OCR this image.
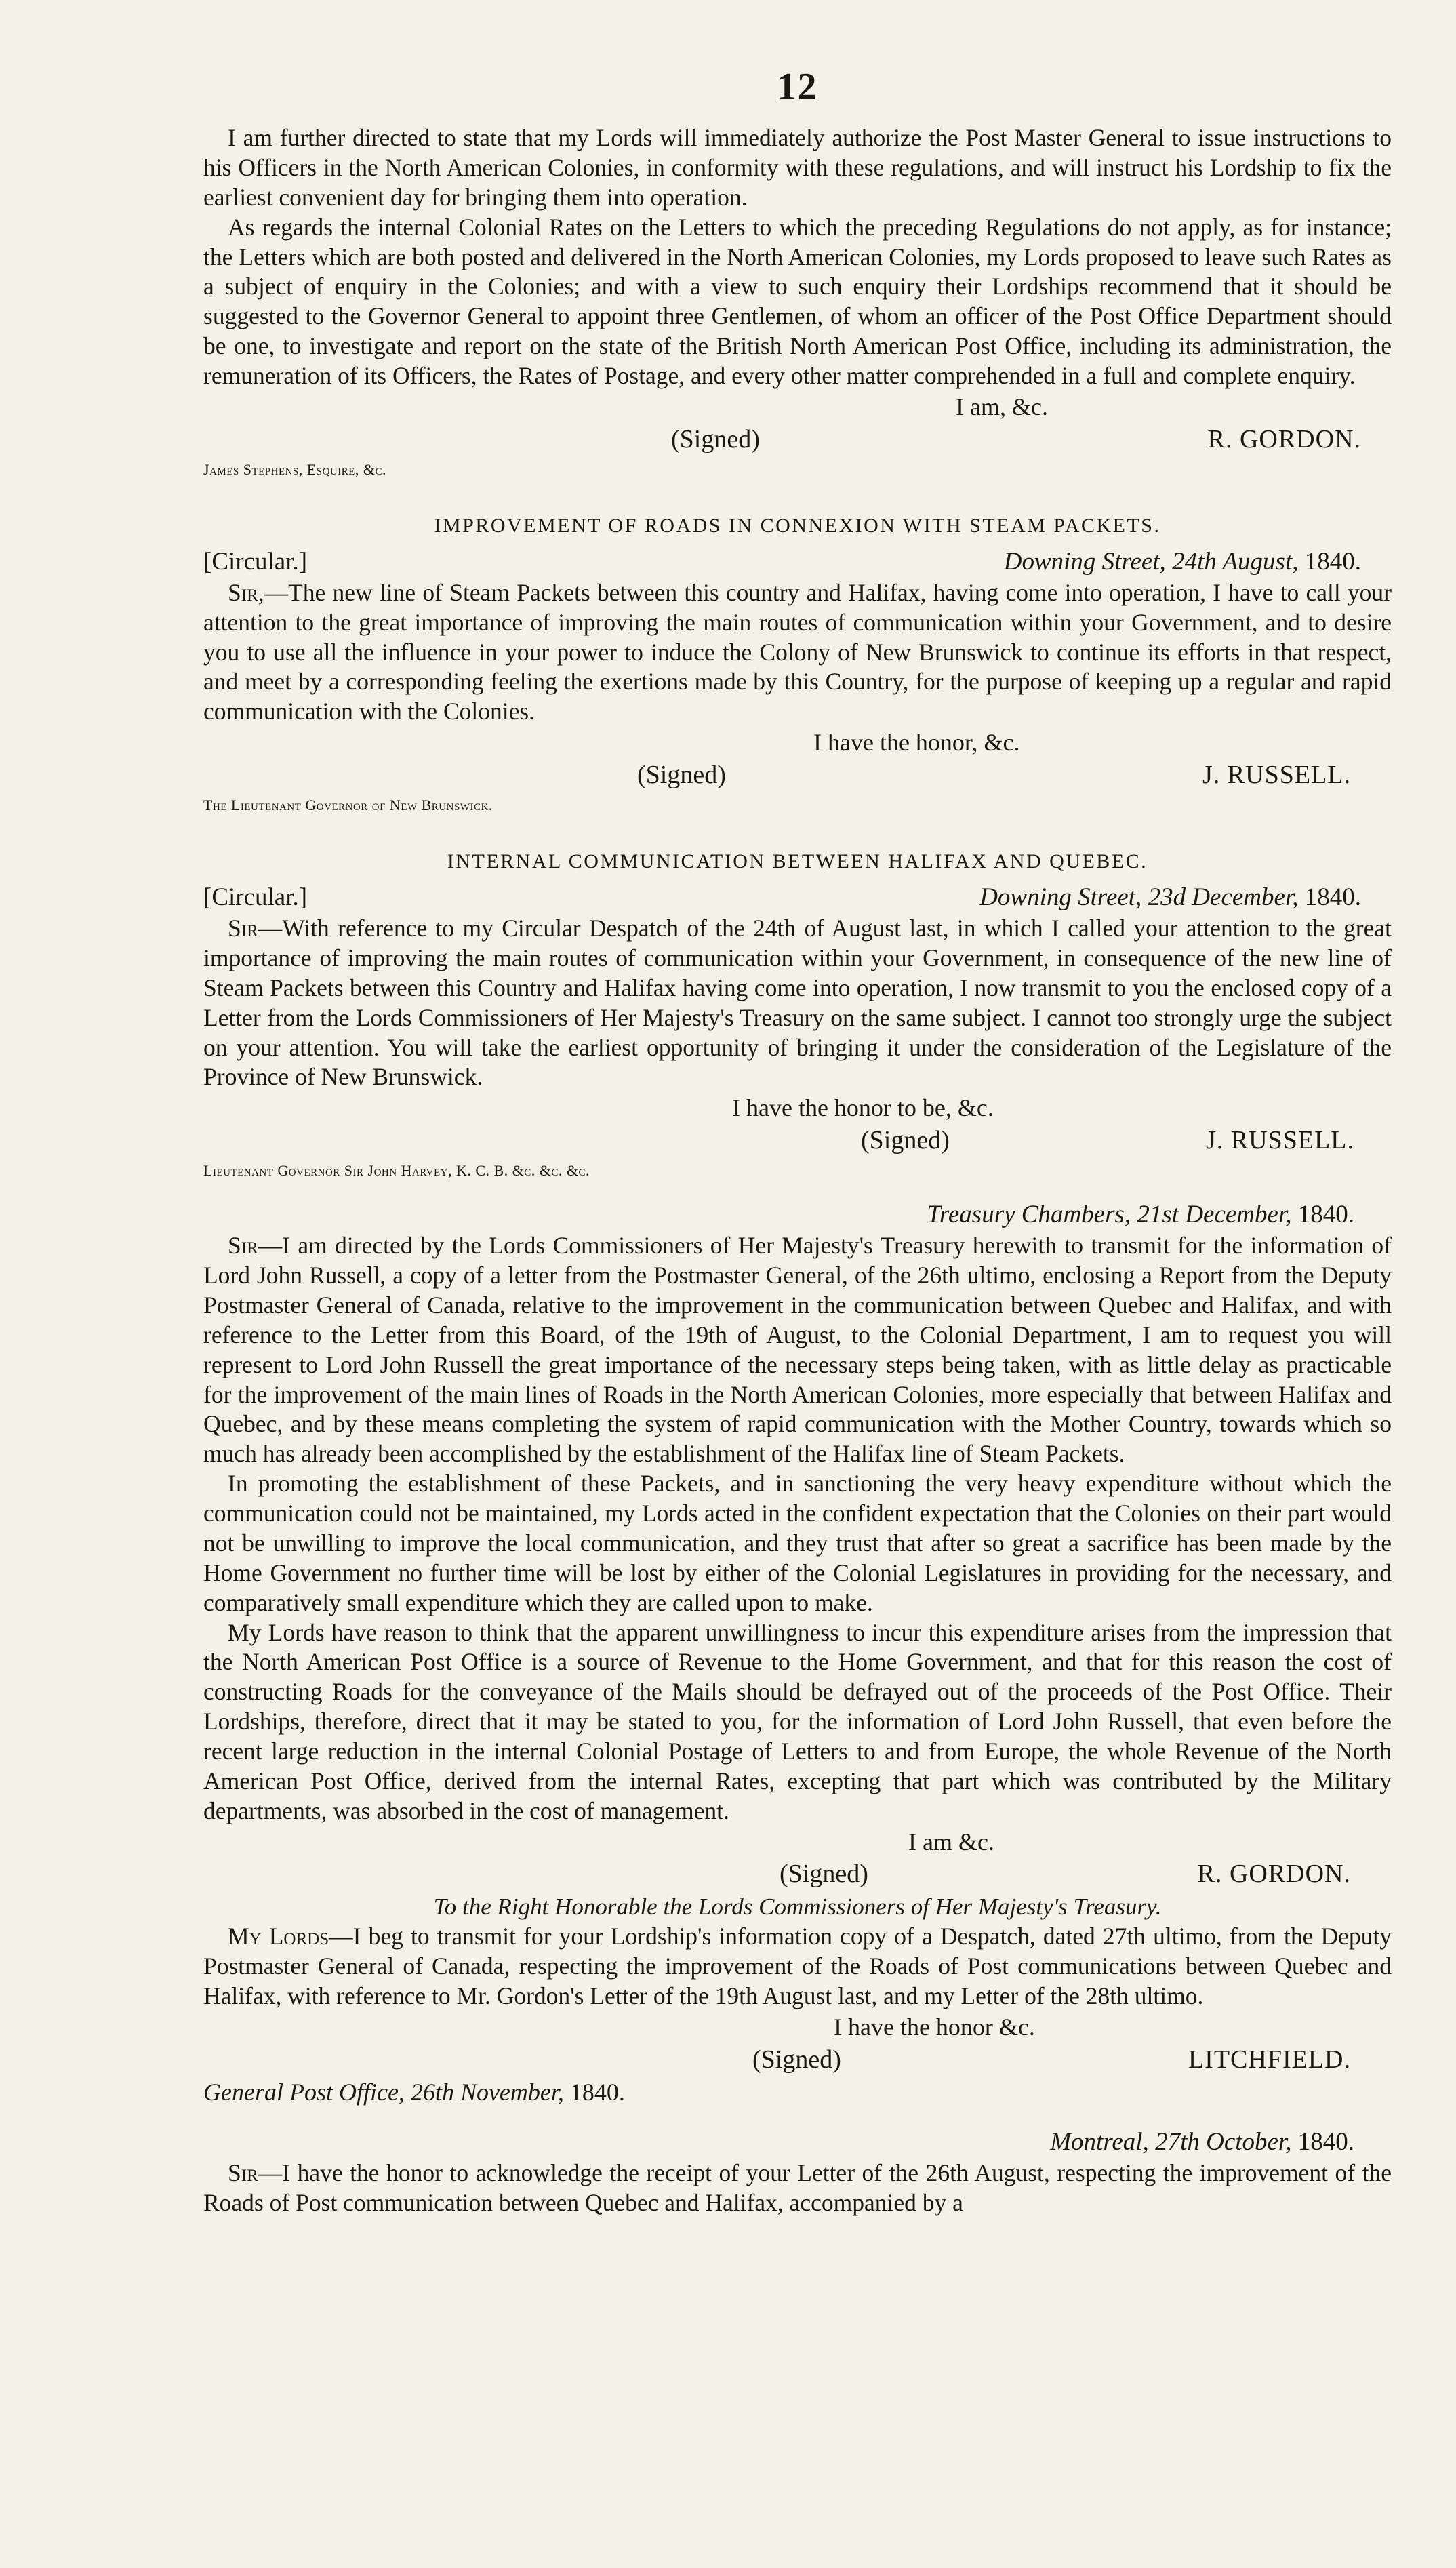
12

I am further directed to state that my Lords will immediately authorize the Post Master General to issue instructions to his Officers in the North American Colonies, in conformity with these regulations, and will instruct his Lordship to fix the earliest convenient day for bringing them into operation.

As regards the internal Colonial Rates on the Letters to which the preceding Regulations do not apply, as for instance; the Letters which are both posted and delivered in the North American Colonies, my Lords proposed to leave such Rates as a subject of enquiry in the Colonies; and with a view to such enquiry their Lordships recommend that it should be suggested to the Governor General to appoint three Gentlemen, of whom an officer of the Post Office Department should be one, to investigate and report on the state of the British North American Post Office, including its administration, the remuneration of its Officers, the Rates of Postage, and every other matter comprehended in a full and complete enquiry.

I am, &c.
(Signed)	R. GORDON.
James Stephens, Esquire, &c.
IMPROVEMENT OF ROADS IN CONNEXION WITH STEAM PACKETS.
[Circular.]	Downing Street, 24th August, 1840.

Sir,—The new line of Steam Packets between this country and Halifax, having come into operation, I have to call your attention to the great importance of improving the main routes of communication within your Government, and to desire you to use all the influence in your power to induce the Colony of New Brunswick to continue its efforts in that respect, and meet by a corresponding feeling the exertions made by this Country, for the purpose of keeping up a regular and rapid communication with the Colonies.

I have the honor, &c.
(Signed)	J. RUSSELL.
The Lieutenant Governor of New Brunswick.
INTERNAL COMMUNICATION BETWEEN HALIFAX AND QUEBEC.
[Circular.]	Downing Street, 23d December, 1840.

Sir—With reference to my Circular Despatch of the 24th of August last, in which I called your attention to the great importance of improving the main routes of communication within your Government, in consequence of the new line of Steam Packets between this Country and Halifax having come into operation, I now transmit to you the enclosed copy of a Letter from the Lords Commissioners of Her Majesty's Treasury on the same subject. I cannot too strongly urge the subject on your attention. You will take the earliest opportunity of bringing it under the consideration of the Legislature of the Province of New Brunswick.

I have the honor to be, &c.
(Signed)	J. RUSSELL.
Lieutenant Governor Sir John Harvey, K. C. B. &c. &c. &c.
Treasury Chambers, 21st December, 1840.

Sir—I am directed by the Lords Commissioners of Her Majesty's Treasury herewith to transmit for the information of Lord John Russell, a copy of a letter from the Postmaster General, of the 26th ultimo, enclosing a Report from the Deputy Postmaster General of Canada, relative to the improvement in the communication between Quebec and Halifax, and with reference to the Letter from this Board, of the 19th of August, to the Colonial Department, I am to request you will represent to Lord John Russell the great importance of the necessary steps being taken, with as little delay as practicable for the improvement of the main lines of Roads in the North American Colonies, more especially that between Halifax and Quebec, and by these means completing the system of rapid communication with the Mother Country, towards which so much has already been accomplished by the establishment of the Halifax line of Steam Packets.

In promoting the establishment of these Packets, and in sanctioning the very heavy expenditure without which the communication could not be maintained, my Lords acted in the confident expectation that the Colonies on their part would not be unwilling to improve the local communication, and they trust that after so great a sacrifice has been made by the Home Government no further time will be lost by either of the Colonial Legislatures in providing for the necessary, and comparatively small expenditure which they are called upon to make.

My Lords have reason to think that the apparent unwillingness to incur this expenditure arises from the impression that the North American Post Office is a source of Revenue to the Home Government, and that for this reason the cost of constructing Roads for the conveyance of the Mails should be defrayed out of the proceeds of the Post Office. Their Lordships, therefore, direct that it may be stated to you, for the information of Lord John Russell, that even before the recent large reduction in the internal Colonial Postage of Letters to and from Europe, the whole Revenue of the North American Post Office, derived from the internal Rates, excepting that part which was contributed by the Military departments, was absorbed in the cost of management.

I am &c.
(Signed)	R. GORDON.
To the Right Honorable the Lords Commissioners of Her Majesty's Treasury.

My Lords—I beg to transmit for your Lordship's information copy of a Despatch, dated 27th ultimo, from the Deputy Postmaster General of Canada, respecting the improvement of the Roads of Post communications between Quebec and Halifax, with reference to Mr. Gordon's Letter of the 19th August last, and my Letter of the 28th ultimo.

I have the honor &c.
(Signed)	LITCHFIELD.
General Post Office, 26th November, 1840.
Montreal, 27th October, 1840.

Sir—I have the honor to acknowledge the receipt of your Letter of the 26th August, respecting the improvement of the Roads of Post communication between Quebec and Halifax, accompanied by a
